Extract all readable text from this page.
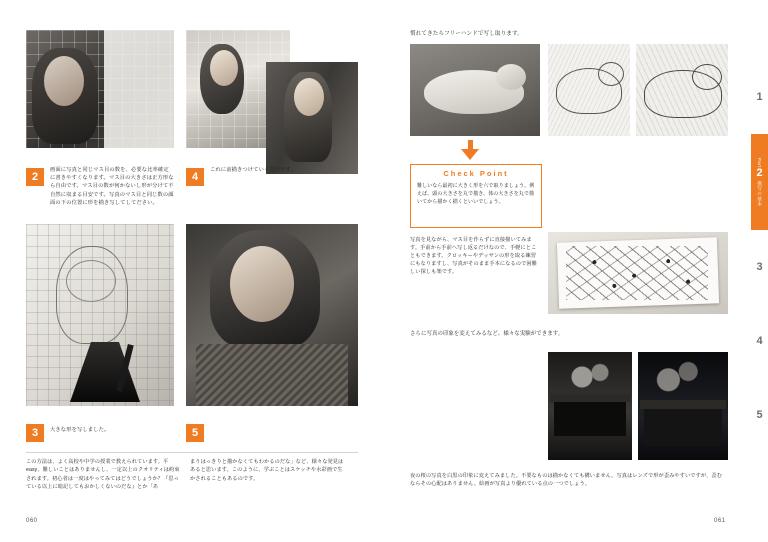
2
画面に写真と同じマス目の数を、必要な比率確定に書きやすくなります。マス目の大きさは正方形なら自由です。マス目の数が何かないし形が分けて不自然に収まる目安です。写真のマス目と同じ数の顔面の下の位置に形を描き写してしてださい。
4
これに前描きつけていくだけです。
3	大きな形を写しました。	5
この方法は、よく高校や中学の授業で教えられています。平easy、難しいことはありませんし、一定以上のクオリティは約束されます。初心者は一度はやってみてはどうでしょうか？『思っている以上に暗記してもおかしくないのだな』とか「あ
まりはっきりと描かなくてもわかるのだな」など、様々な発見はあると思います。このように、学ぶことはスケッチや水彩画で生かされることもあるのです。
060
慣れてきたらフリーハンドで写し取ります。
Check Point
難しいなら最初に大きく形を六で取りましょう。例えば、頭の大きさを丸で描き、体の大きさを丸で描いてから描かく描くといいでしょう。
写真を見ながら、マス目を作らずに直接描いてみます。手前から手前へ写し返るだけなので、手軽にとこともできます。クロッキーやデッサンの形を取る練習にもなりますし、写真がそのまま手本になるので困難しい探しも楽です。
さらに写真の印象を変えてみるなど、様々な実験ができます。
夜の桜の写真を白黒の印象に変えてみました。不要なものは描かなくても構いません。写真はレンズで形が歪みやすいですが、歪むならその心配はありません。絵画が写真より優れている点の一つでしょう。
061
1
Part
2
描写の基本
3
4
5
